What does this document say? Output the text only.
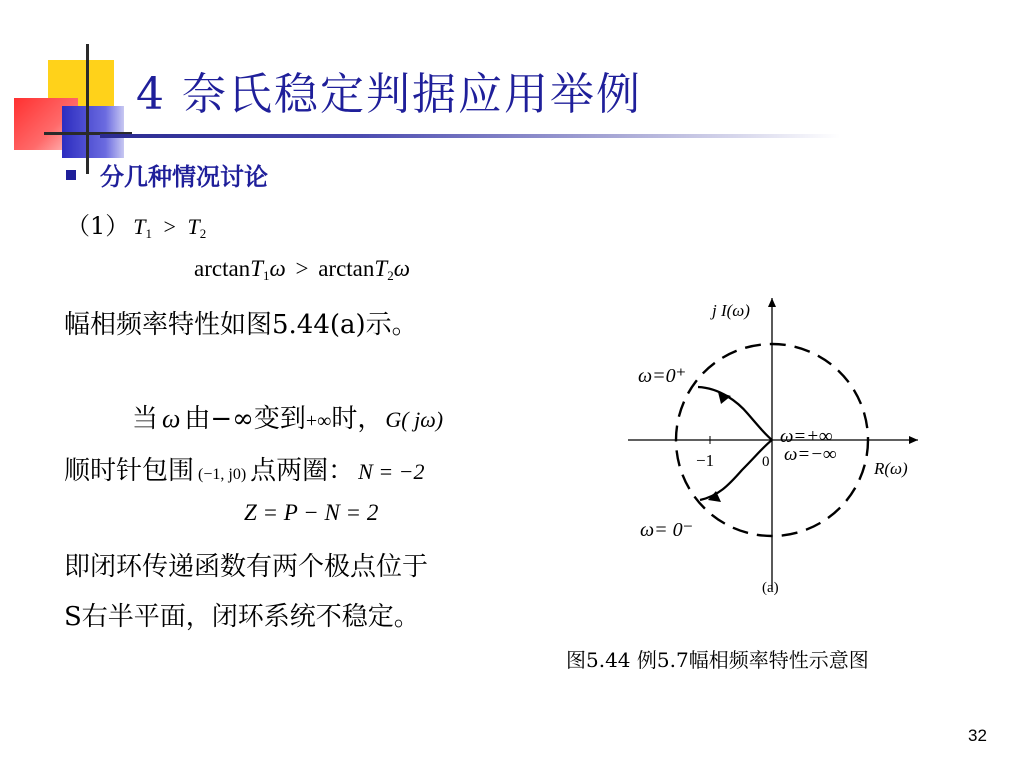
4 奈氏稳定判据应用举例
分几种情况讨论
（1） $T_1 > T_2$
arctanT$_1$ω > arctanT$_2$ω
幅相频率特性如图5.44(a)示。
当 ω 由−∞变到 +∞ 时， G( jω)
顺时针包围 (−1, j0) 点两圈： N = −2
Z = P − N = 2
即闭环传递函数有两个极点位于
S右半平面，闭环系统不稳定。
j I(ω)
R(ω)
−1	0
ω=0⁺
ω= 0⁻
ω=+∞
ω=−∞
(a)
图5.44 例5.7幅相频率特性示意图
32
